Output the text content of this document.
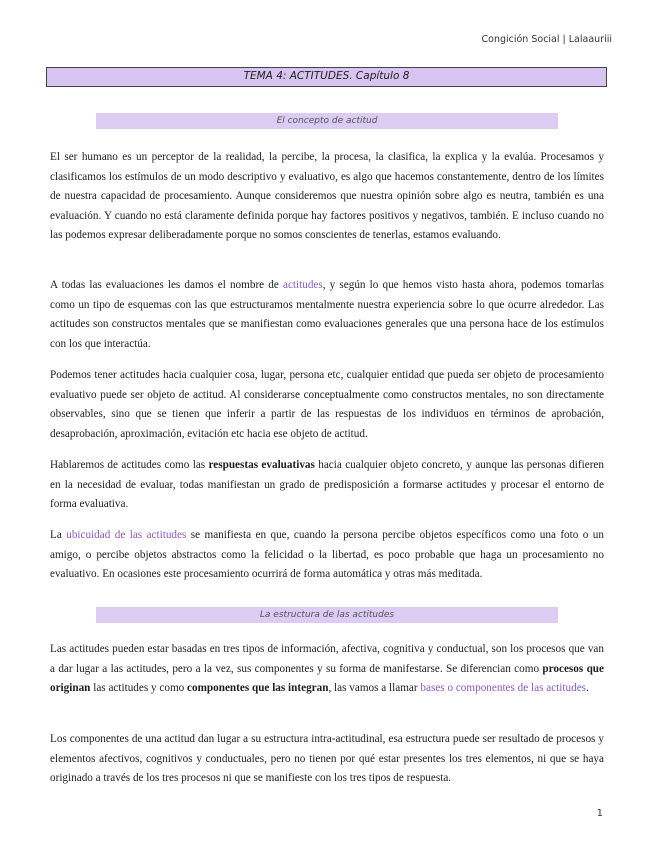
Congición Social | Lalaauriii
TEMA 4: ACTITUDES. Capítulo 8
El concepto de actitud
El ser humano es un perceptor de la realidad, la percibe, la procesa, la clasifica, la explica y la evalúa. Procesamos y clasificamos los estímulos de un modo descriptivo y evaluativo, es algo que hacemos constantemente, dentro de los límites de nuestra capacidad de procesamiento. Aunque consideremos que nuestra opinión sobre algo es neutra, también es una evaluación. Y cuando no está claramente definida porque hay factores positivos y negativos, también. E incluso cuando no las podemos expresar deliberadamente porque no somos conscientes de tenerlas, estamos evaluando.
A todas las evaluaciones les damos el nombre de actitudes, y según lo que hemos visto hasta ahora, podemos tomarlas como un tipo de esquemas con las que estructuramos mentalmente nuestra experiencia sobre lo que ocurre alrededor. Las actitudes son constructos mentales que se manifiestan como evaluaciones generales que una persona hace de los estímulos con los que interactúa.
Podemos tener actitudes hacia cualquier cosa, lugar, persona etc, cualquier entidad que pueda ser objeto de procesamiento evaluativo puede ser objeto de actitud. Al considerarse conceptualmente como constructos mentales, no son directamente observables, sino que se tienen que inferir a partir de las respuestas de los individuos en términos de aprobación, desaprobación, aproximación, evitación etc hacia ese objeto de actitud.
Hablaremos de actitudes como las respuestas evaluativas hacia cualquier objeto concreto, y aunque las personas difieren en la necesidad de evaluar, todas manifiestan un grado de predisposición a formarse actitudes y procesar el entorno de forma evaluativa.
La ubicuidad de las actitudes se manifiesta en que, cuando la persona percibe objetos específicos como una foto o un amigo, o percibe objetos abstractos como la felicidad o la libertad, es poco probable que haga un procesamiento no evaluativo. En ocasiones este procesamiento ocurrirá de forma automática y otras más meditada.
La estructura de las actitudes
Las actitudes pueden estar basadas en tres tipos de información, afectiva, cognitiva y conductual, son los procesos que van a dar lugar a las actitudes, pero a la vez, sus componentes y su forma de manifestarse. Se diferencian como procesos que originan las actitudes y como componentes que las integran, las vamos a llamar bases o componentes de las actitudes.
Los componentes de una actitud dan lugar a su estructura intra-actitudinal, esa estructura puede ser resultado de procesos y elementos afectivos, cognitivos y conductuales, pero no tienen por qué estar presentes los tres elementos, ni que se haya originado a través de los tres procesos ni que se manifieste con los tres tipos de respuesta.
1
